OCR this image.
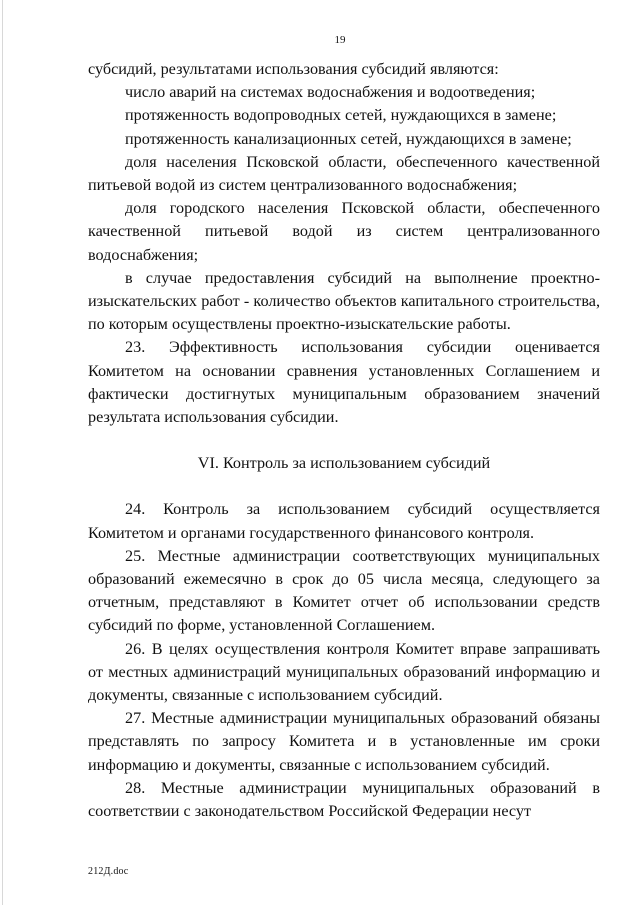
19

субсидий, результатами использования субсидий являются:

число аварий на системах водоснабжения и водоотведения;

протяженность водопроводных сетей, нуждающихся в замене;

протяженность канализационных сетей, нуждающихся в замене;

доля населения Псковской области, обеспеченного качественной питьевой водой из систем централизованного водоснабжения;

доля городского населения Псковской области, обеспеченного качественной питьевой водой из систем централизованного водоснабжения;

в случае предоставления субсидий на выполнение проектно-изыскательских работ - количество объектов капитального строительства, по которым осуществлены проектно-изыскательские работы.

23. Эффективность использования субсидии оценивается Комитетом на основании сравнения установленных Соглашением и фактически достигнутых муниципальным образованием значений результата использования субсидии.

VI. Контроль за использованием субсидий

24. Контроль за использованием субсидий осуществляется Комитетом и органами государственного финансового контроля.

25. Местные администрации соответствующих муниципальных образований ежемесячно в срок до 05 числа месяца, следующего за отчетным, представляют в Комитет отчет об использовании средств субсидий по форме, установленной Соглашением.

26. В целях осуществления контроля Комитет вправе запрашивать от местных администраций муниципальных образований информацию и документы, связанные с использованием субсидий.

27. Местные администрации муниципальных образований обязаны представлять по запросу Комитета и в установленные им сроки информацию и документы, связанные с использованием субсидий.

28. Местные администрации муниципальных образований в соответствии с законодательством Российской Федерации несут

212Д.doc
